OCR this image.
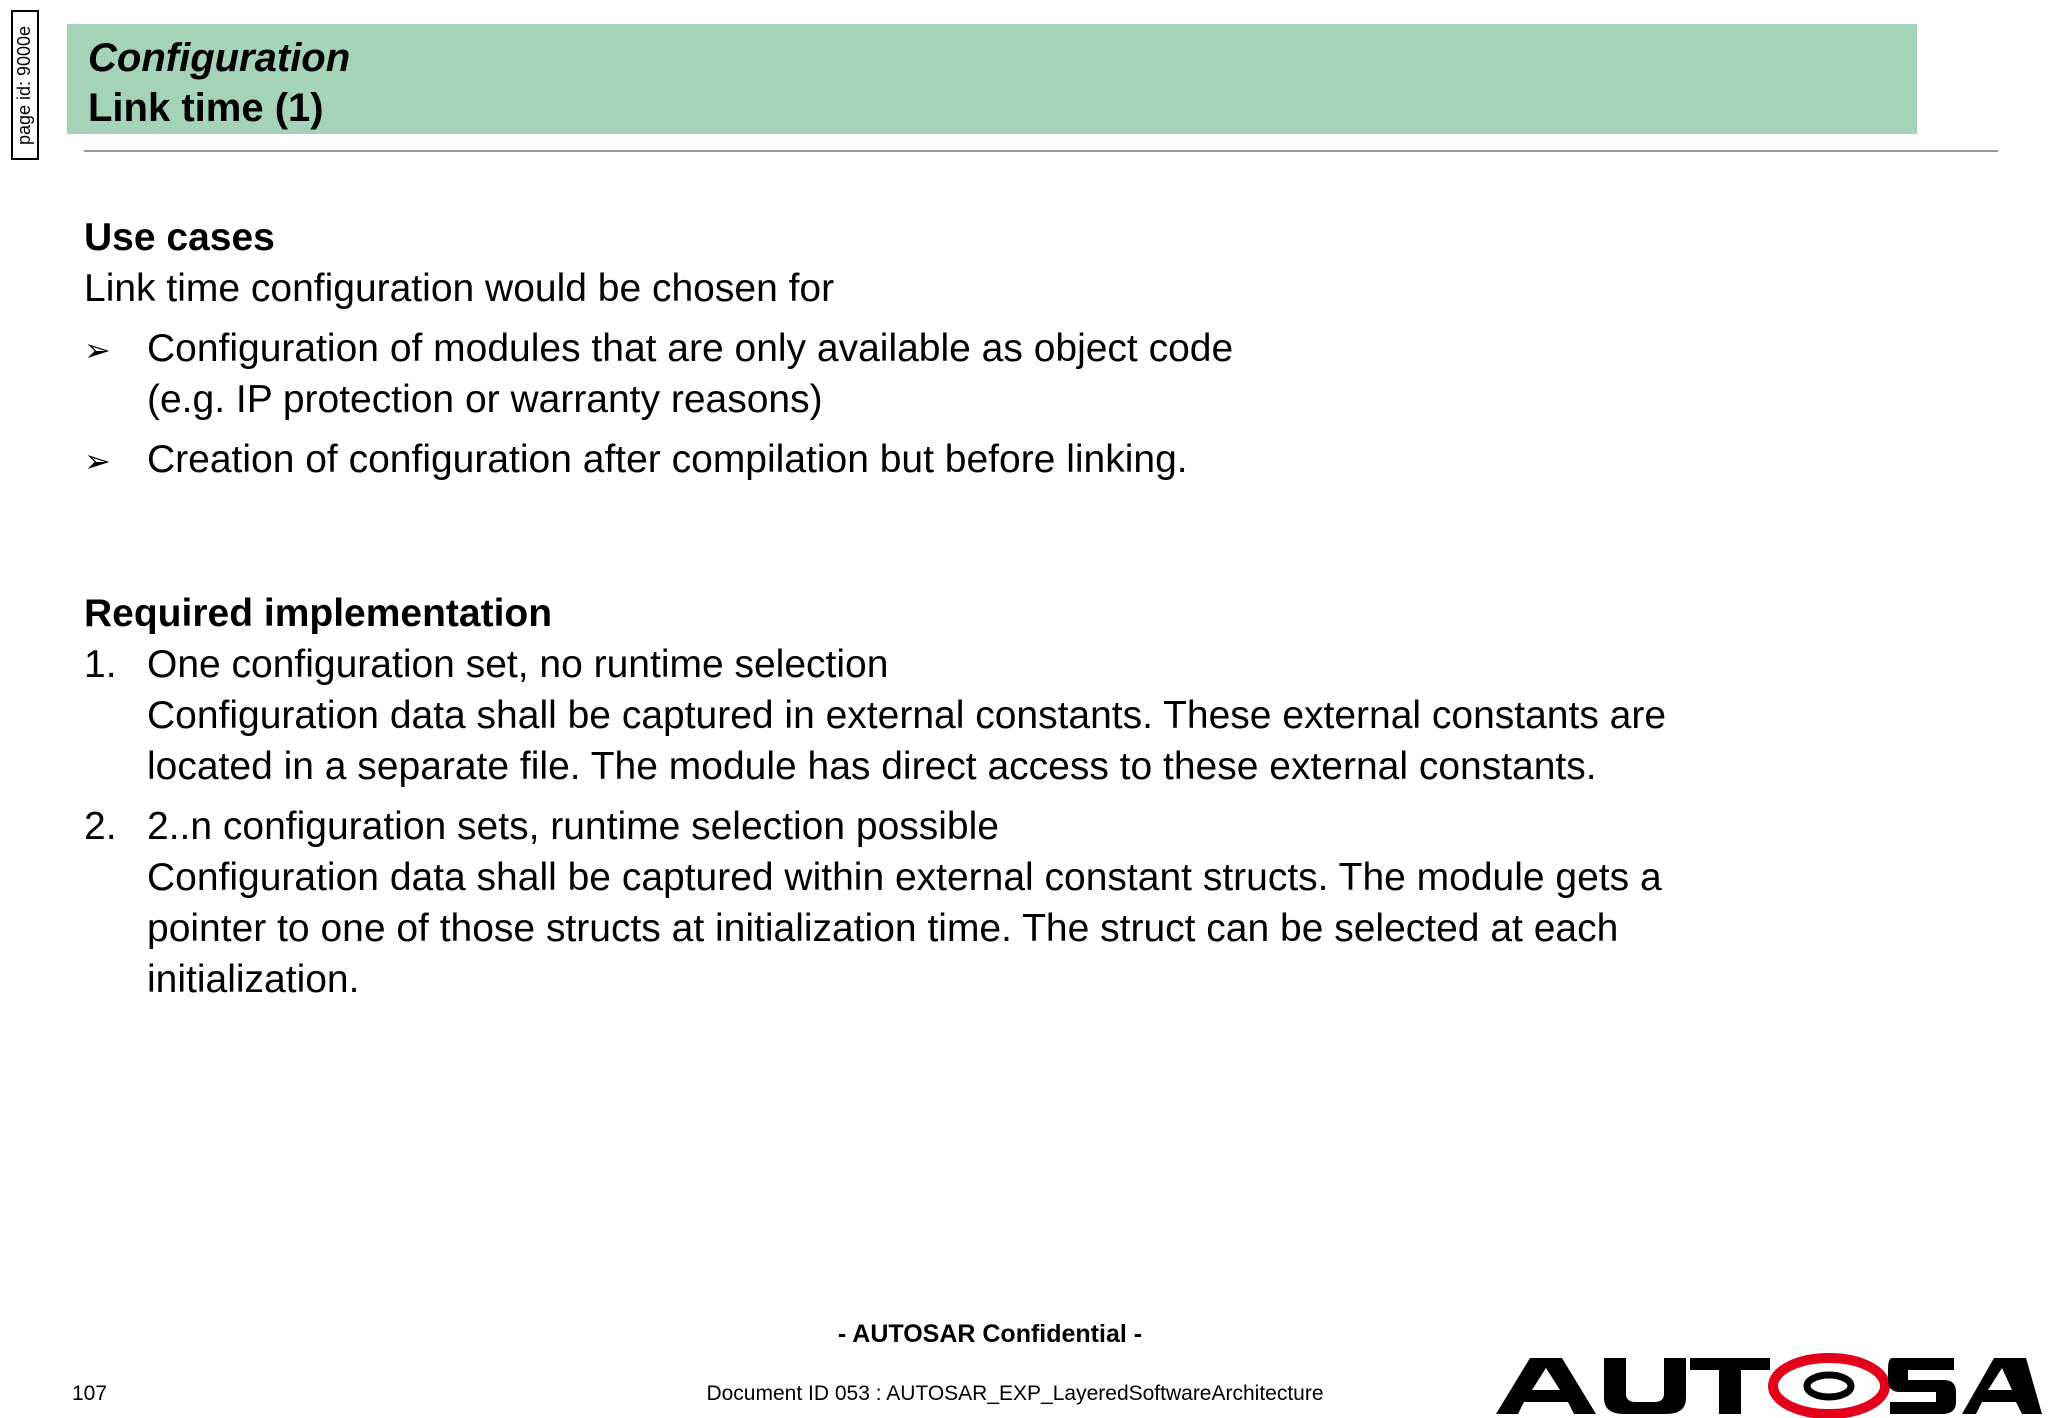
page id: 9000e Configuration
Link time (1)
Use cases
Link time configuration would be chosen for
➢ Configuration of modules that are only available as object code
(e.g. IP protection or warranty reasons)
➢ Creation of configuration after compilation but before linking.
Required implementation
1. One configuration set, no runtime selection
Configuration data shall be captured in external constants. These external constants are
located in a separate file. The module has direct access to these external constants.
2. 2..n configuration sets, runtime selection possible
Configuration data shall be captured within external constant structs. The module gets a
pointer to one of those structs at initialization time. The struct can be selected at each
initialization.
- AUTOSAR Confidential -
107	Document ID 053 : AUTOSAR_EXP_LayeredSoftwareArchitecture
